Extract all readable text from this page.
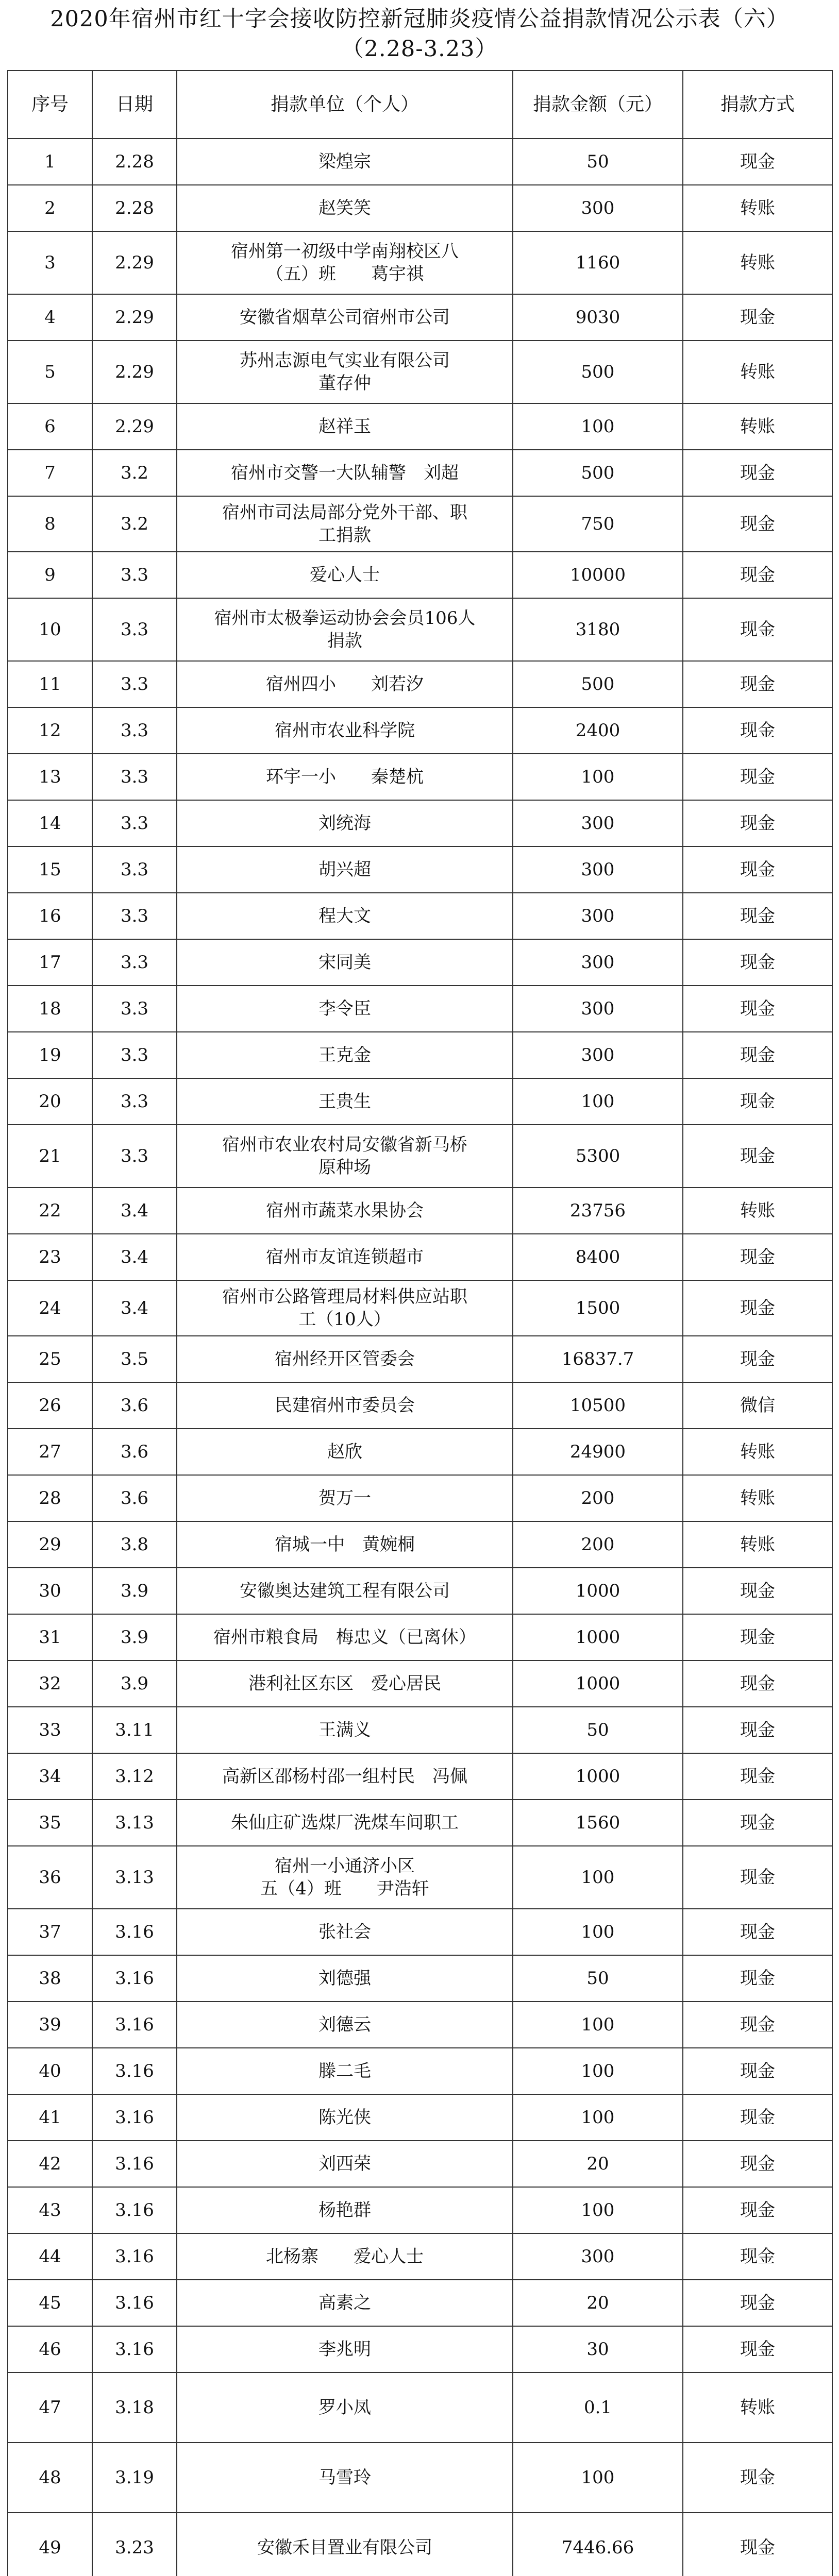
2020年宿州市红十字会接收防控新冠肺炎疫情公益捐款情况公示表（六）
（2.28-3.23）
序号	日期	捐款单位（个人）	捐款金额（元）	捐款方式
1	2.28	梁煌宗	50	现金
2	2.28	赵笑笑	300	转账
3	2.29	宿州第一初级中学南翔校区八
（五）班　　葛宇祺	1160	转账
4	2.29	安徽省烟草公司宿州市公司	9030	现金
5	2.29	苏州志源电气实业有限公司
董存仲	500	转账
6	2.29	赵祥玉	100	转账
7	3.2	宿州市交警一大队辅警　刘超	500	现金
8	3.2	宿州市司法局部分党外干部、职
工捐款	750	现金
9	3.3	爱心人士	10000	现金
10	3.3	宿州市太极拳运动协会会员106人
捐款	3180	现金
11	3.3	宿州四小　　刘若汐	500	现金
12	3.3	宿州市农业科学院	2400	现金
13	3.3	环宇一小　　秦楚杭	100	现金
14	3.3	刘统海	300	现金
15	3.3	胡兴超	300	现金
16	3.3	程大文	300	现金
17	3.3	宋同美	300	现金
18	3.3	李令臣	300	现金
19	3.3	王克金	300	现金
20	3.3	王贵生	100	现金
21	3.3	宿州市农业农村局安徽省新马桥
原种场	5300	现金
22	3.4	宿州市蔬菜水果协会	23756	转账
23	3.4	宿州市友谊连锁超市	8400	现金
24	3.4	宿州市公路管理局材料供应站职
工（10人）	1500	现金
25	3.5	宿州经开区管委会	16837.7	现金
26	3.6	民建宿州市委员会	10500	微信
27	3.6	赵欣	24900	转账
28	3.6	贺万一	200	转账
29	3.8	宿城一中　黄婉桐	200	转账
30	3.9	安徽奥达建筑工程有限公司	1000	现金
31	3.9	宿州市粮食局　梅忠义（已离休）	1000	现金
32	3.9	港利社区东区　爱心居民	1000	现金
33	3.11	王满义	50	现金
34	3.12	高新区邵杨村邵一组村民　冯佩	1000	现金
35	3.13	朱仙庄矿选煤厂洗煤车间职工	1560	现金
36	3.13	宿州一小通济小区
五（4）班　　尹浩轩	100	现金
37	3.16	张社会	100	现金
38	3.16	刘德强	50	现金
39	3.16	刘德云	100	现金
40	3.16	滕二毛	100	现金
41	3.16	陈光侠	100	现金
42	3.16	刘西荣	20	现金
43	3.16	杨艳群	100	现金
44	3.16	北杨寨　　爱心人士	300	现金
45	3.16	高素之	20	现金
46	3.16	李兆明	30	现金
47	3.18	罗小凤	0.1	转账
48	3.19	马雪玲	100	现金
49	3.23	安徽禾目置业有限公司	7446.66	现金
